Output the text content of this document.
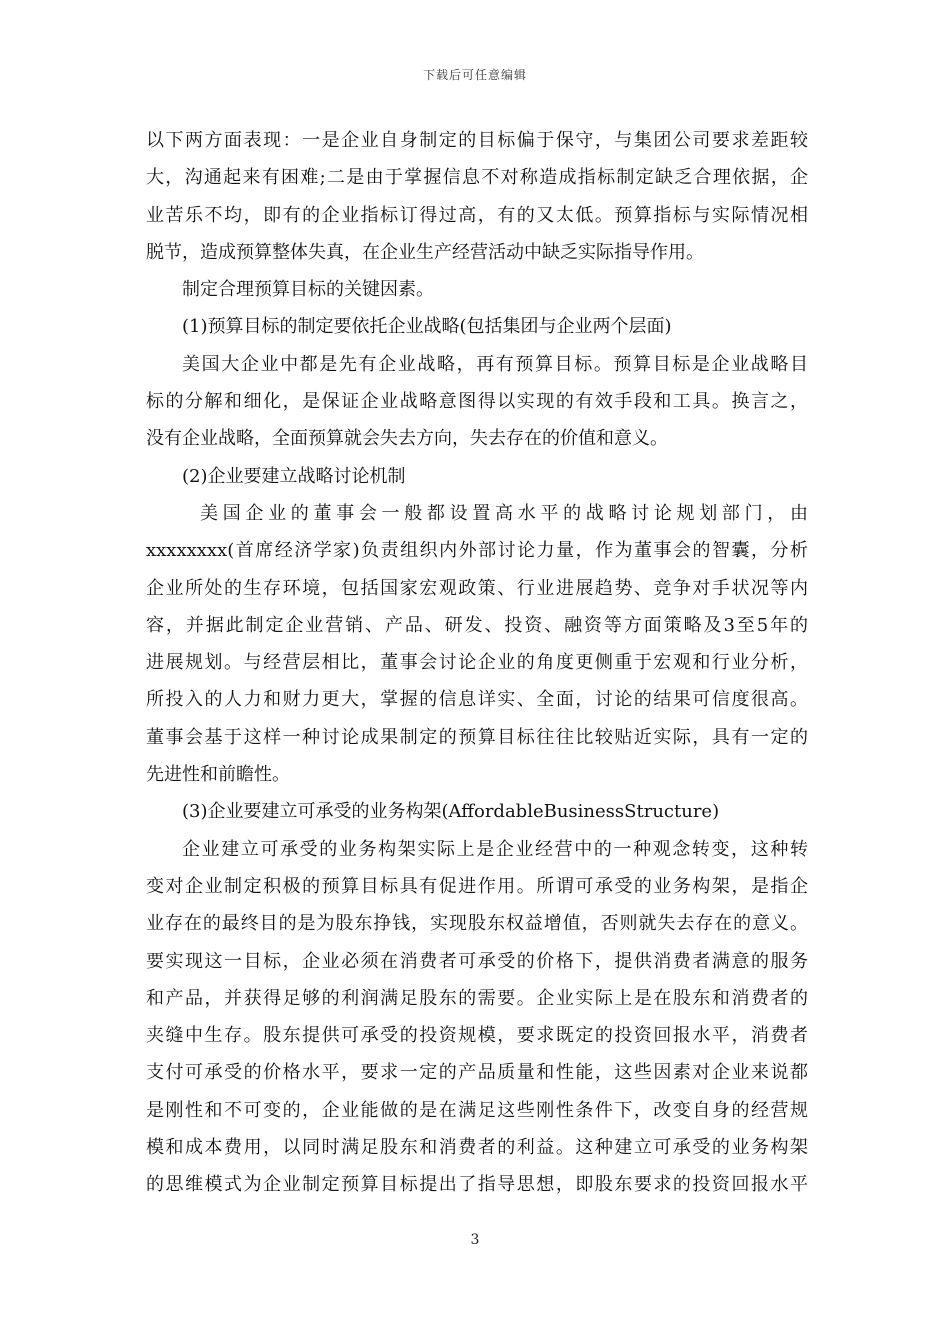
下载后可任意编辑
以下两方面表现：一是企业自身制定的目标偏于保守，与集团公司要求差距较
大，沟通起来有困难;二是由于掌握信息不对称造成指标制定缺乏合理依据，企
业苦乐不均，即有的企业指标订得过高，有的又太低。预算指标与实际情况相
脱节，造成预算整体失真，在企业生产经营活动中缺乏实际指导作用。
制定合理预算目标的关键因素。
(1)预算目标的制定要依托企业战略(包括集团与企业两个层面)
美国大企业中都是先有企业战略，再有预算目标。预算目标是企业战略目
标的分解和细化，是保证企业战略意图得以实现的有效手段和工具。换言之，
没有企业战略，全面预算就会失去方向，失去存在的价值和意义。
(2)企业要建立战略讨论机制
美国企业的董事会一般都设置高水平的战略讨论规划部门，由
xxxxxxxx(首席经济学家)负责组织内外部讨论力量，作为董事会的智囊，分析
企业所处的生存环境，包括国家宏观政策、行业进展趋势、竞争对手状况等内
容，并据此制定企业营销、产品、研发、投资、融资等方面策略及3至5年的
进展规划。与经营层相比，董事会讨论企业的角度更侧重于宏观和行业分析，
所投入的人力和财力更大，掌握的信息详实、全面，讨论的结果可信度很高。
董事会基于这样一种讨论成果制定的预算目标往往比较贴近实际，具有一定的
先进性和前瞻性。
(3)企业要建立可承受的业务构架(AffordableBusinessStructure)
企业建立可承受的业务构架实际上是企业经营中的一种观念转变，这种转
变对企业制定积极的预算目标具有促进作用。所谓可承受的业务构架，是指企
业存在的最终目的是为股东挣钱，实现股东权益增值，否则就失去存在的意义。
要实现这一目标，企业必须在消费者可承受的价格下，提供消费者满意的服务
和产品，并获得足够的利润满足股东的需要。企业实际上是在股东和消费者的
夹缝中生存。股东提供可承受的投资规模，要求既定的投资回报水平，消费者
支付可承受的价格水平，要求一定的产品质量和性能，这些因素对企业来说都
是刚性和不可变的，企业能做的是在满足这些刚性条件下，改变自身的经营规
模和成本费用，以同时满足股东和消费者的利益。这种建立可承受的业务构架
的思维模式为企业制定预算目标提出了指导思想，即股东要求的投资回报水平
3
